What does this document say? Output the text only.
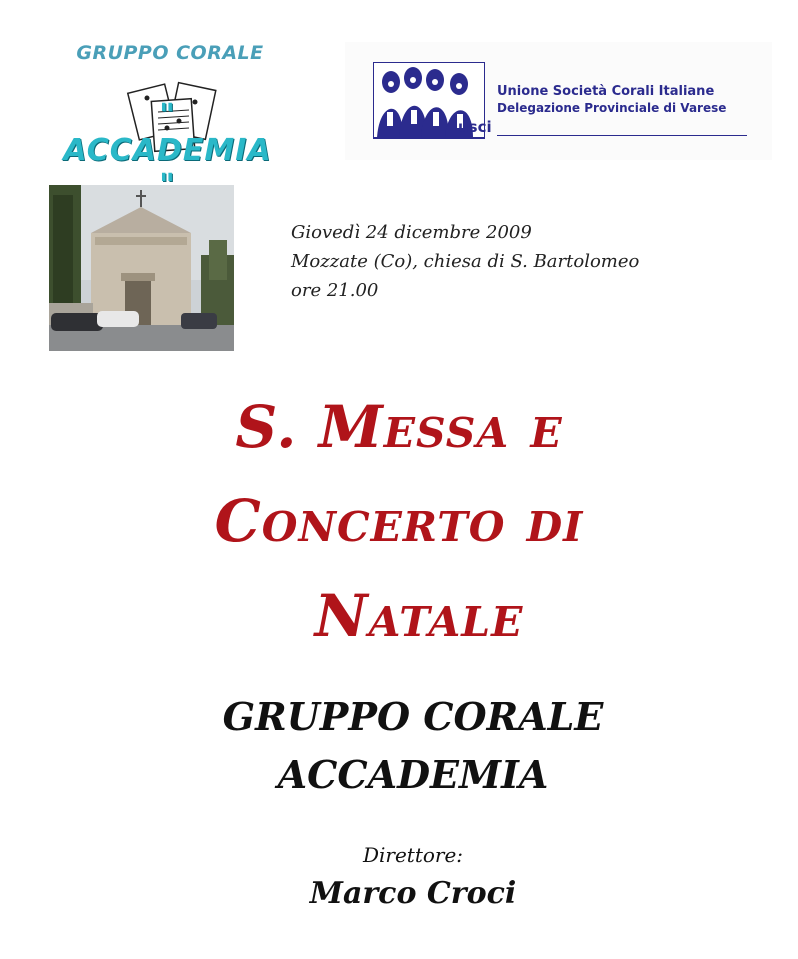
GRUPPO CORALE
" ACCADEMIA
usci
Unione Società Corali Italiane
Delegazione Provinciale di Varese
Giovedì 24 dicembre 2009
Mozzate (Co), chiesa di S. Bartolomeo
ore 21.00
S. Messa e
Concerto di
Natale
GRUPPO CORALE
ACCADEMIA
Direttore:
Marco Croci
